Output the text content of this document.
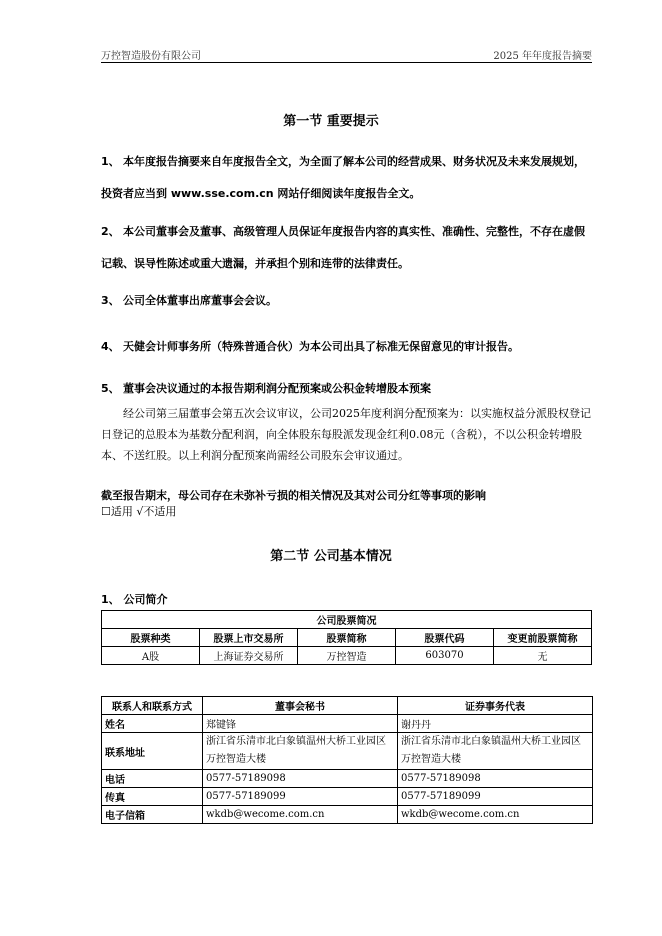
万控智造股份有限公司	2025 年年度报告摘要
第一节 重要提示
1、 本年度报告摘要来自年度报告全文，为全面了解本公司的经营成果、财务状况及未来发展规划，投资者应当到 www.sse.com.cn 网站仔细阅读年度报告全文。
2、 本公司董事会及董事、高级管理人员保证年度报告内容的真实性、准确性、完整性，不存在虚假记载、误导性陈述或重大遗漏，并承担个别和连带的法律责任。
3、 公司全体董事出席董事会会议。
4、 天健会计师事务所（特殊普通合伙）为本公司出具了标准无保留意见的审计报告。
5、 董事会决议通过的本报告期利润分配预案或公积金转增股本预案
经公司第三届董事会第五次会议审议，公司2025年度利润分配预案为：以实施权益分派股权登记日登记的总股本为基数分配利润，向全体股东每股派发现金红利0.08元（含税），不以公积金转增股本、不送红股。以上利润分配预案尚需经公司股东会审议通过。
截至报告期末，母公司存在未弥补亏损的相关情况及其对公司分红等事项的影响
☐适用 √不适用
第二节 公司基本情况
1、 公司简介
公司股票简况				
股票种类	股票上市交易所	股票简称	股票代码	变更前股票简称
A股	上海证券交易所	万控智造	603070	无
联系人和联系方式	董事会秘书	证券事务代表
姓名	郑键锋	谢丹丹
联系地址	浙江省乐清市北白象镇温州大桥工业园区万控智造大楼	浙江省乐清市北白象镇温州大桥工业园区万控智造大楼
电话	0577-57189098	0577-57189098
传真	0577-57189099	0577-57189099
电子信箱	wkdb@wecome.com.cn	wkdb@wecome.com.cn
